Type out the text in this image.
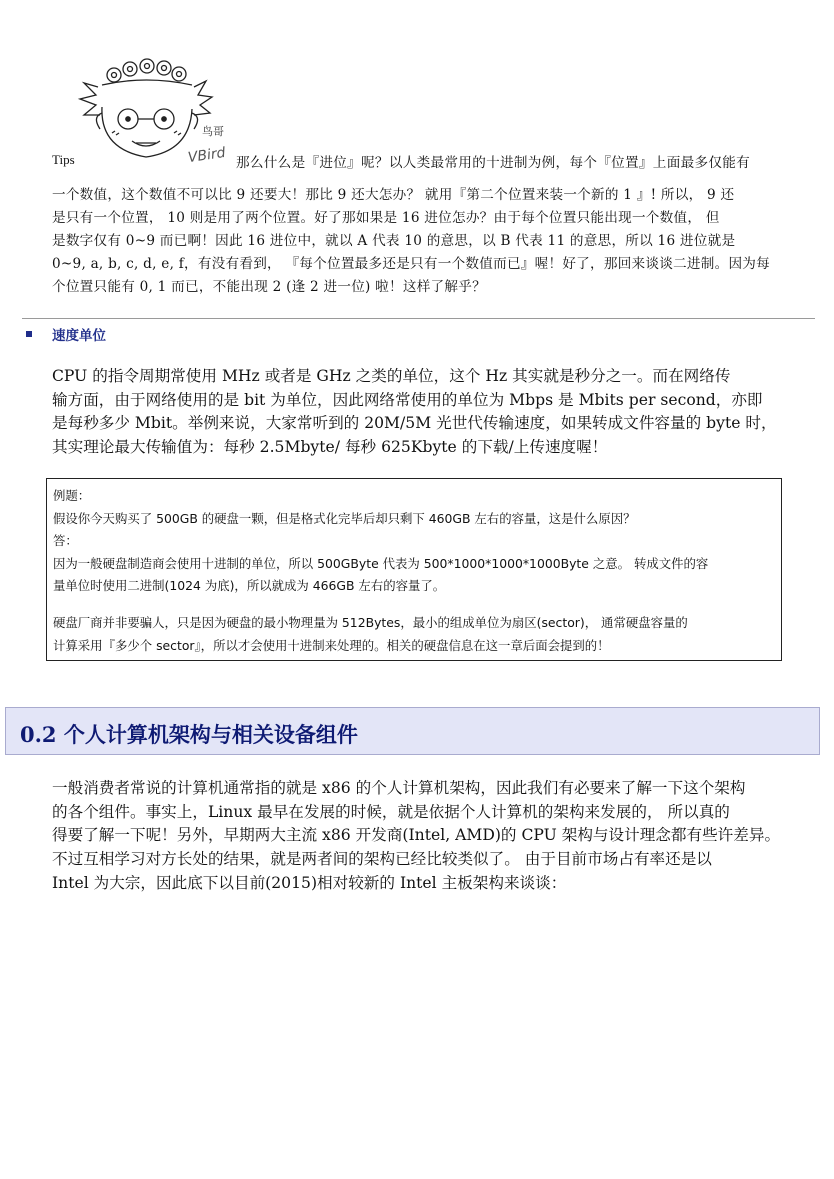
鸟哥
VBird
Tips	那么什么是『进位』呢？以人类最常用的十进制为例，每个『位置』上面最多仅能有

一个数值，这个数值不可以比 9 还要大！那比 9 还大怎办？ 就用『第二个位置来装一个新的 1 』! 所以， 9 还

是只有一个位置， 10 则是用了两个位置。好了那如果是 16 进位怎办？由于每个位置只能出现一个数值， 但

是数字仅有 0~9 而已啊！因此 16 进位中，就以 A 代表 10 的意思，以 B 代表 11 的意思，所以 16 进位就是

0~9, a, b, c, d, e, f，有没有看到， 『每个位置最多还是只有一个数值而已』喔！好了，那回来谈谈二进制。因为每

个位置只能有 0, 1 而已，不能出现 2 (逢 2 进一位) 啦！这样了解乎？

速度单位

CPU 的指令周期常使用 MHz 或者是 GHz 之类的单位，这个 Hz 其实就是秒分之一。而在网络传

输方面，由于网络使用的是 bit 为单位，因此网络常使用的单位为 Mbps 是 Mbits per second，亦即

是每秒多少 Mbit。举例来说，大家常听到的 20M/5M 光世代传输速度，如果转成文件容量的 byte 时，

其实理论最大传输值为：每秒 2.5Mbyte/ 每秒 625Kbyte 的下载/上传速度喔！

例题：

假设你今天购买了 500GB 的硬盘一颗，但是格式化完毕后却只剩下 460GB 左右的容量，这是什么原因？

答：

因为一般硬盘制造商会使用十进制的单位，所以 500GByte 代表为 500*1000*1000*1000Byte 之意。 转成文件的容

量单位时使用二进制(1024 为底)，所以就成为 466GB 左右的容量了。

硬盘厂商并非要骗人，只是因为硬盘的最小物理量为 512Bytes，最小的组成单位为扇区(sector)， 通常硬盘容量的

计算采用『多少个 sector』，所以才会使用十进制来处理的。相关的硬盘信息在这一章后面会提到的！

0.2 个人计算机架构与相关设备组件

一般消费者常说的计算机通常指的就是 x86 的个人计算机架构，因此我们有必要来了解一下这个架构

的各个组件。事实上，Linux 最早在发展的时候，就是依据个人计算机的架构来发展的， 所以真的

得要了解一下呢！另外，早期两大主流 x86 开发商(Intel, AMD)的 CPU 架构与设计理念都有些许差异。

不过互相学习对方长处的结果，就是两者间的架构已经比较类似了。 由于目前市场占有率还是以

Intel 为大宗，因此底下以目前(2015)相对较新的 Intel 主板架构来谈谈：
